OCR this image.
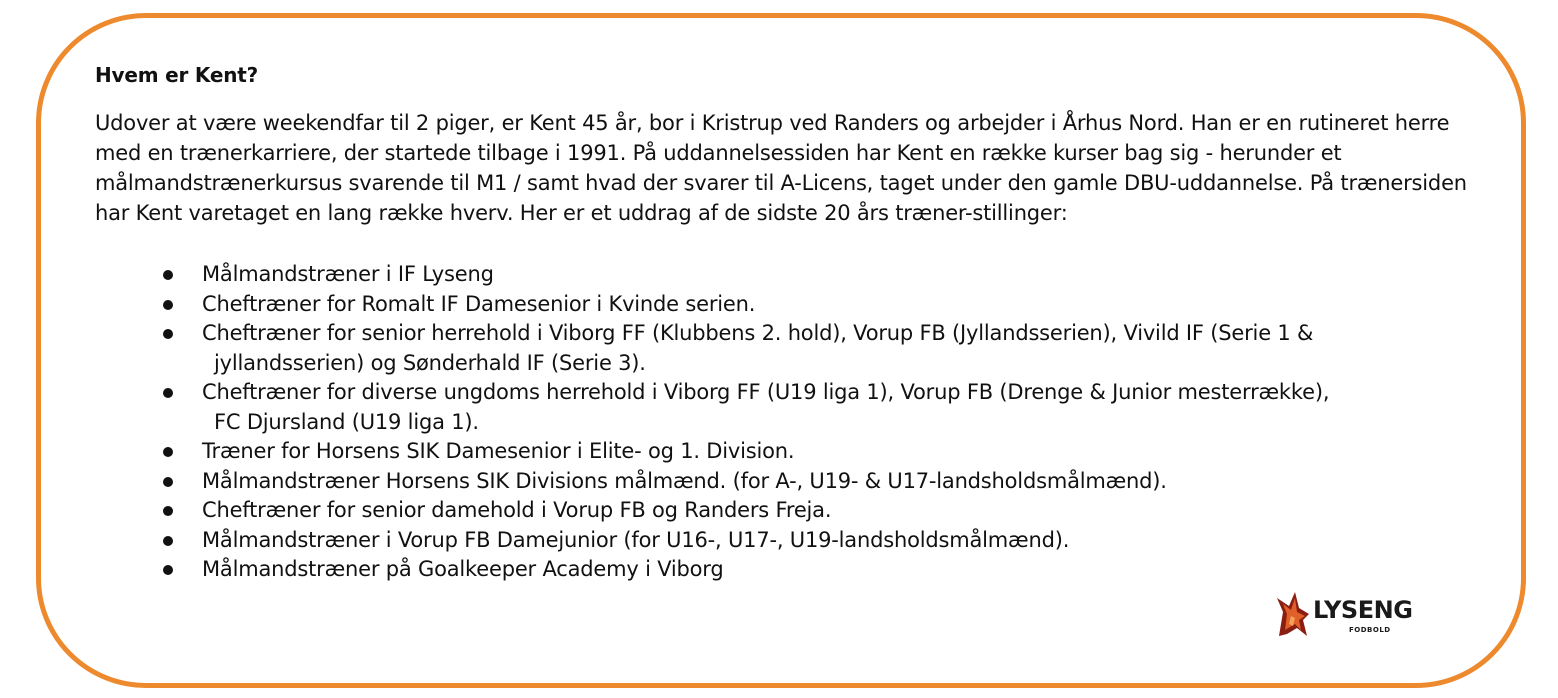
Hvem er Kent?

Udover at være weekendfar til 2 piger, er Kent 45 år, bor i Kristrup ved Randers og arbejder i Århus Nord. Han er en rutineret herre med en trænerkarriere, der startede tilbage i 1991. På uddannelsessiden har Kent en række kurser bag sig - herunder et målmandstrænerkursus svarende til M1 / samt hvad der svarer til A-Licens, taget under den gamle DBU-uddannelse. På trænersiden har Kent varetaget en lang række hverv. Her er et uddrag af de sidste 20 års træner-stillinger:

Målmandstræner i IF Lyseng
Cheftræner for Romalt IF Damesenior i Kvinde serien.
Cheftræner for senior herrehold i Viborg FF (Klubbens 2. hold), Vorup FB (Jyllandsserien), Vivild IF (Serie 1 &
jyllandsserien) og Sønderhald IF (Serie 3).
Cheftræner for diverse ungdoms herrehold i Viborg FF (U19 liga 1), Vorup FB (Drenge & Junior mesterrække),
FC Djursland (U19 liga 1).
Træner for Horsens SIK Damesenior i Elite- og 1. Division.
Målmandstræner Horsens SIK Divisions målmænd. (for A-, U19- & U17-landsholdsmålmænd).
Cheftræner for senior damehold i Vorup FB og Randers Freja.
Målmandstræner i Vorup FB Damejunior (for U16-, U17-, U19-landsholdsmålmænd).
Målmandstræner på Goalkeeper Academy i Viborg
LYSENG
FODBOLD
